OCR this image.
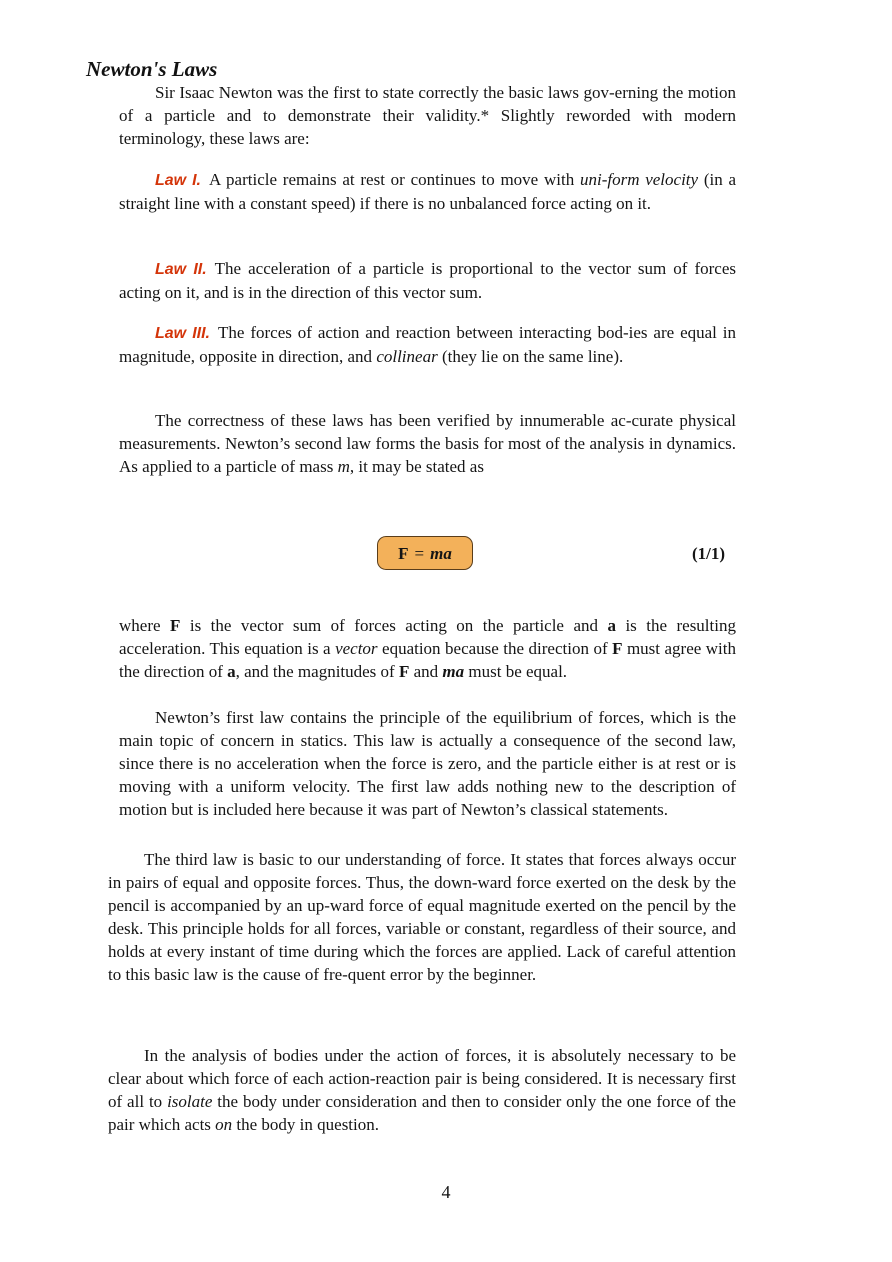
Newton's Laws

Sir Isaac Newton was the first to state correctly the basic laws gov-erning the motion of a particle and to demonstrate their validity.* Slightly reworded with modern terminology, these laws are:

Law I. A particle remains at rest or continues to move with uni-form velocity (in a straight line with a constant speed) if there is no unbalanced force acting on it.

Law II. The acceleration of a particle is proportional to the vector sum of forces acting on it, and is in the direction of this vector sum.

Law III. The forces of action and reaction between interacting bod-ies are equal in magnitude, opposite in direction, and collinear (they lie on the same line).

The correctness of these laws has been verified by innumerable ac-curate physical measurements. Newton’s second law forms the basis for most of the analysis in dynamics. As applied to a particle of mass m, it may be stated as

F = ma	(1/1)

where F is the vector sum of forces acting on the particle and a is the resulting acceleration. This equation is a vector equation because the direction of F must agree with the direction of a, and the magnitudes of F and ma must be equal.

Newton’s first law contains the principle of the equilibrium of forces, which is the main topic of concern in statics. This law is actually a consequence of the second law, since there is no acceleration when the force is zero, and the particle either is at rest or is moving with a uniform velocity. The first law adds nothing new to the description of motion but is included here because it was part of Newton’s classical statements.

The third law is basic to our understanding of force. It states that forces always occur in pairs of equal and opposite forces. Thus, the down-ward force exerted on the desk by the pencil is accompanied by an up-ward force of equal magnitude exerted on the pencil by the desk. This principle holds for all forces, variable or constant, regardless of their source, and holds at every instant of time during which the forces are applied. Lack of careful attention to this basic law is the cause of fre-quent error by the beginner.

In the analysis of bodies under the action of forces, it is absolutely necessary to be clear about which force of each action-reaction pair is being considered. It is necessary first of all to isolate the body under consideration and then to consider only the one force of the pair which acts on the body in question.

4
